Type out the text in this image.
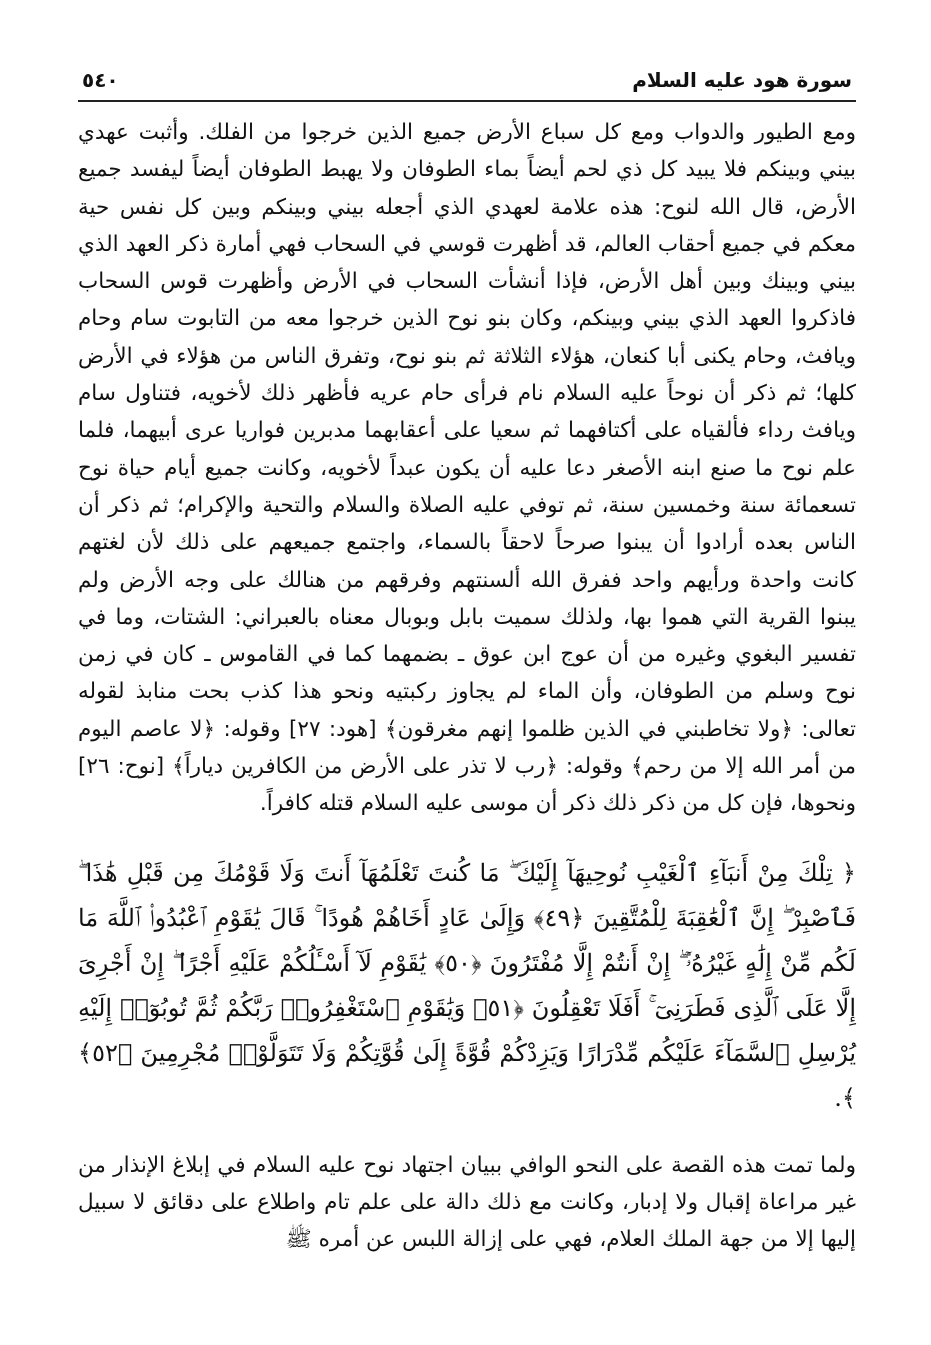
سورة هود عليه السلام
٥٤٠

ومع الطيور والدواب ومع كل سباع الأرض جميع الذين خرجوا من الفلك. وأثبت عهدي بيني وبينكم فلا يبيد كل ذي لحم أيضاً بماء الطوفان ولا يهبط الطوفان أيضاً ليفسد جميع الأرض، قال الله لنوح: هذه علامة لعهدي الذي أجعله بيني وبينكم وبين كل نفس حية معكم في جميع أحقاب العالم، قد أظهرت قوسي في السحاب فهي أمارة ذكر العهد الذي بيني وبينك وبين أهل الأرض، فإذا أنشأت السحاب في الأرض وأظهرت قوس السحاب فاذكروا العهد الذي بيني وبينكم، وكان بنو نوح الذين خرجوا معه من التابوت سام وحام ويافث، وحام يكنى أبا كنعان، هؤلاء الثلاثة ثم بنو نوح، وتفرق الناس من هؤلاء في الأرض كلها؛ ثم ذكر أن نوحاً عليه السلام نام فرأى حام عريه فأظهر ذلك لأخويه، فتناول سام ويافث رداء فألقياه على أكتافهما ثم سعيا على أعقابهما مدبرين فواريا عرى أبيهما، فلما علم نوح ما صنع ابنه الأصغر دعا عليه أن يكون عبداً لأخويه، وكانت جميع أيام حياة نوح تسعمائة سنة وخمسين سنة، ثم توفي عليه الصلاة والسلام والتحية والإكرام؛ ثم ذكر أن الناس بعده أرادوا أن يبنوا صرحاً لاحقاً بالسماء، واجتمع جميعهم على ذلك لأن لغتهم كانت واحدة ورأيهم واحد ففرق الله ألسنتهم وفرقهم من هنالك على وجه الأرض ولم يبنوا القرية التي هموا بها، ولذلك سميت بابل وبوبال معناه بالعبراني: الشتات، وما في تفسير البغوي وغيره من أن عوج ابن عوق ـ بضمهما كما في القاموس ـ كان في زمن نوح وسلم من الطوفان، وأن الماء لم يجاوز ركبتيه ونحو هذا كذب بحت منابذ لقوله تعالى: ﴿ولا تخاطبني في الذين ظلموا إنهم مغرقون﴾ [هود: ٢٧] وقوله: ﴿لا عاصم اليوم من أمر الله إلا من رحم﴾ وقوله: ﴿رب لا تذر على الأرض من الكافرين دياراً﴾ [نوح: ٢٦] ونحوها، فإن كل من ذكر ذلك ذكر أن موسى عليه السلام قتله كافراً.

﴿ تِلْكَ مِنْ أَنبَآءِ ٱلْغَيْبِ نُوحِيهَآ إِلَيْكَ ۖ مَا كُنتَ تَعْلَمُهَآ أَنتَ وَلَا قَوْمُكَ مِن قَبْلِ هَٰذَا ۖ فَٱصْبِرْ ۖ إِنَّ ٱلْعَٰقِبَةَ لِلْمُتَّقِينَ ﴿٤٩﴾ وَإِلَىٰ عَادٍ أَخَاهُمْ هُودًا ۚ قَالَ يَٰقَوْمِ ٱعْبُدُوا۟ ٱللَّهَ مَا لَكُم مِّنْ إِلَٰهٍ غَيْرُهُۥٓ ۖ إِنْ أَنتُمْ إِلَّا مُفْتَرُونَ ﴿٥٠﴾ يَٰقَوْمِ لَآ أَسْـَٔلُكُمْ عَلَيْهِ أَجْرًا ۖ إِنْ أَجْرِىَ إِلَّا عَلَى ٱلَّذِى فَطَرَنِىٓ ۚ أَفَلَا تَعْقِلُونَ ﴿٥١﴾ وَيَٰقَوْمِ ٱسْتَغْفِرُوا۟ رَبَّكُمْ ثُمَّ تُوبُوٓا۟ إِلَيْهِ يُرْسِلِ ٱلسَّمَآءَ عَلَيْكُم مِّدْرَارًا وَيَزِدْكُمْ قُوَّةً إِلَىٰ قُوَّتِكُمْ وَلَا تَتَوَلَّوْا۟ مُجْرِمِينَ ﴿٥٢﴾ ﴾.

ولما تمت هذه القصة على النحو الوافي ببيان اجتهاد نوح عليه السلام في إبلاغ الإنذار من غير مراعاة إقبال ولا إدبار، وكانت مع ذلك دالة على علم تام واطلاع على دقائق لا سبيل إليها إلا من جهة الملك العلام، فهي على إزالة اللبس عن أمره ﷺ
